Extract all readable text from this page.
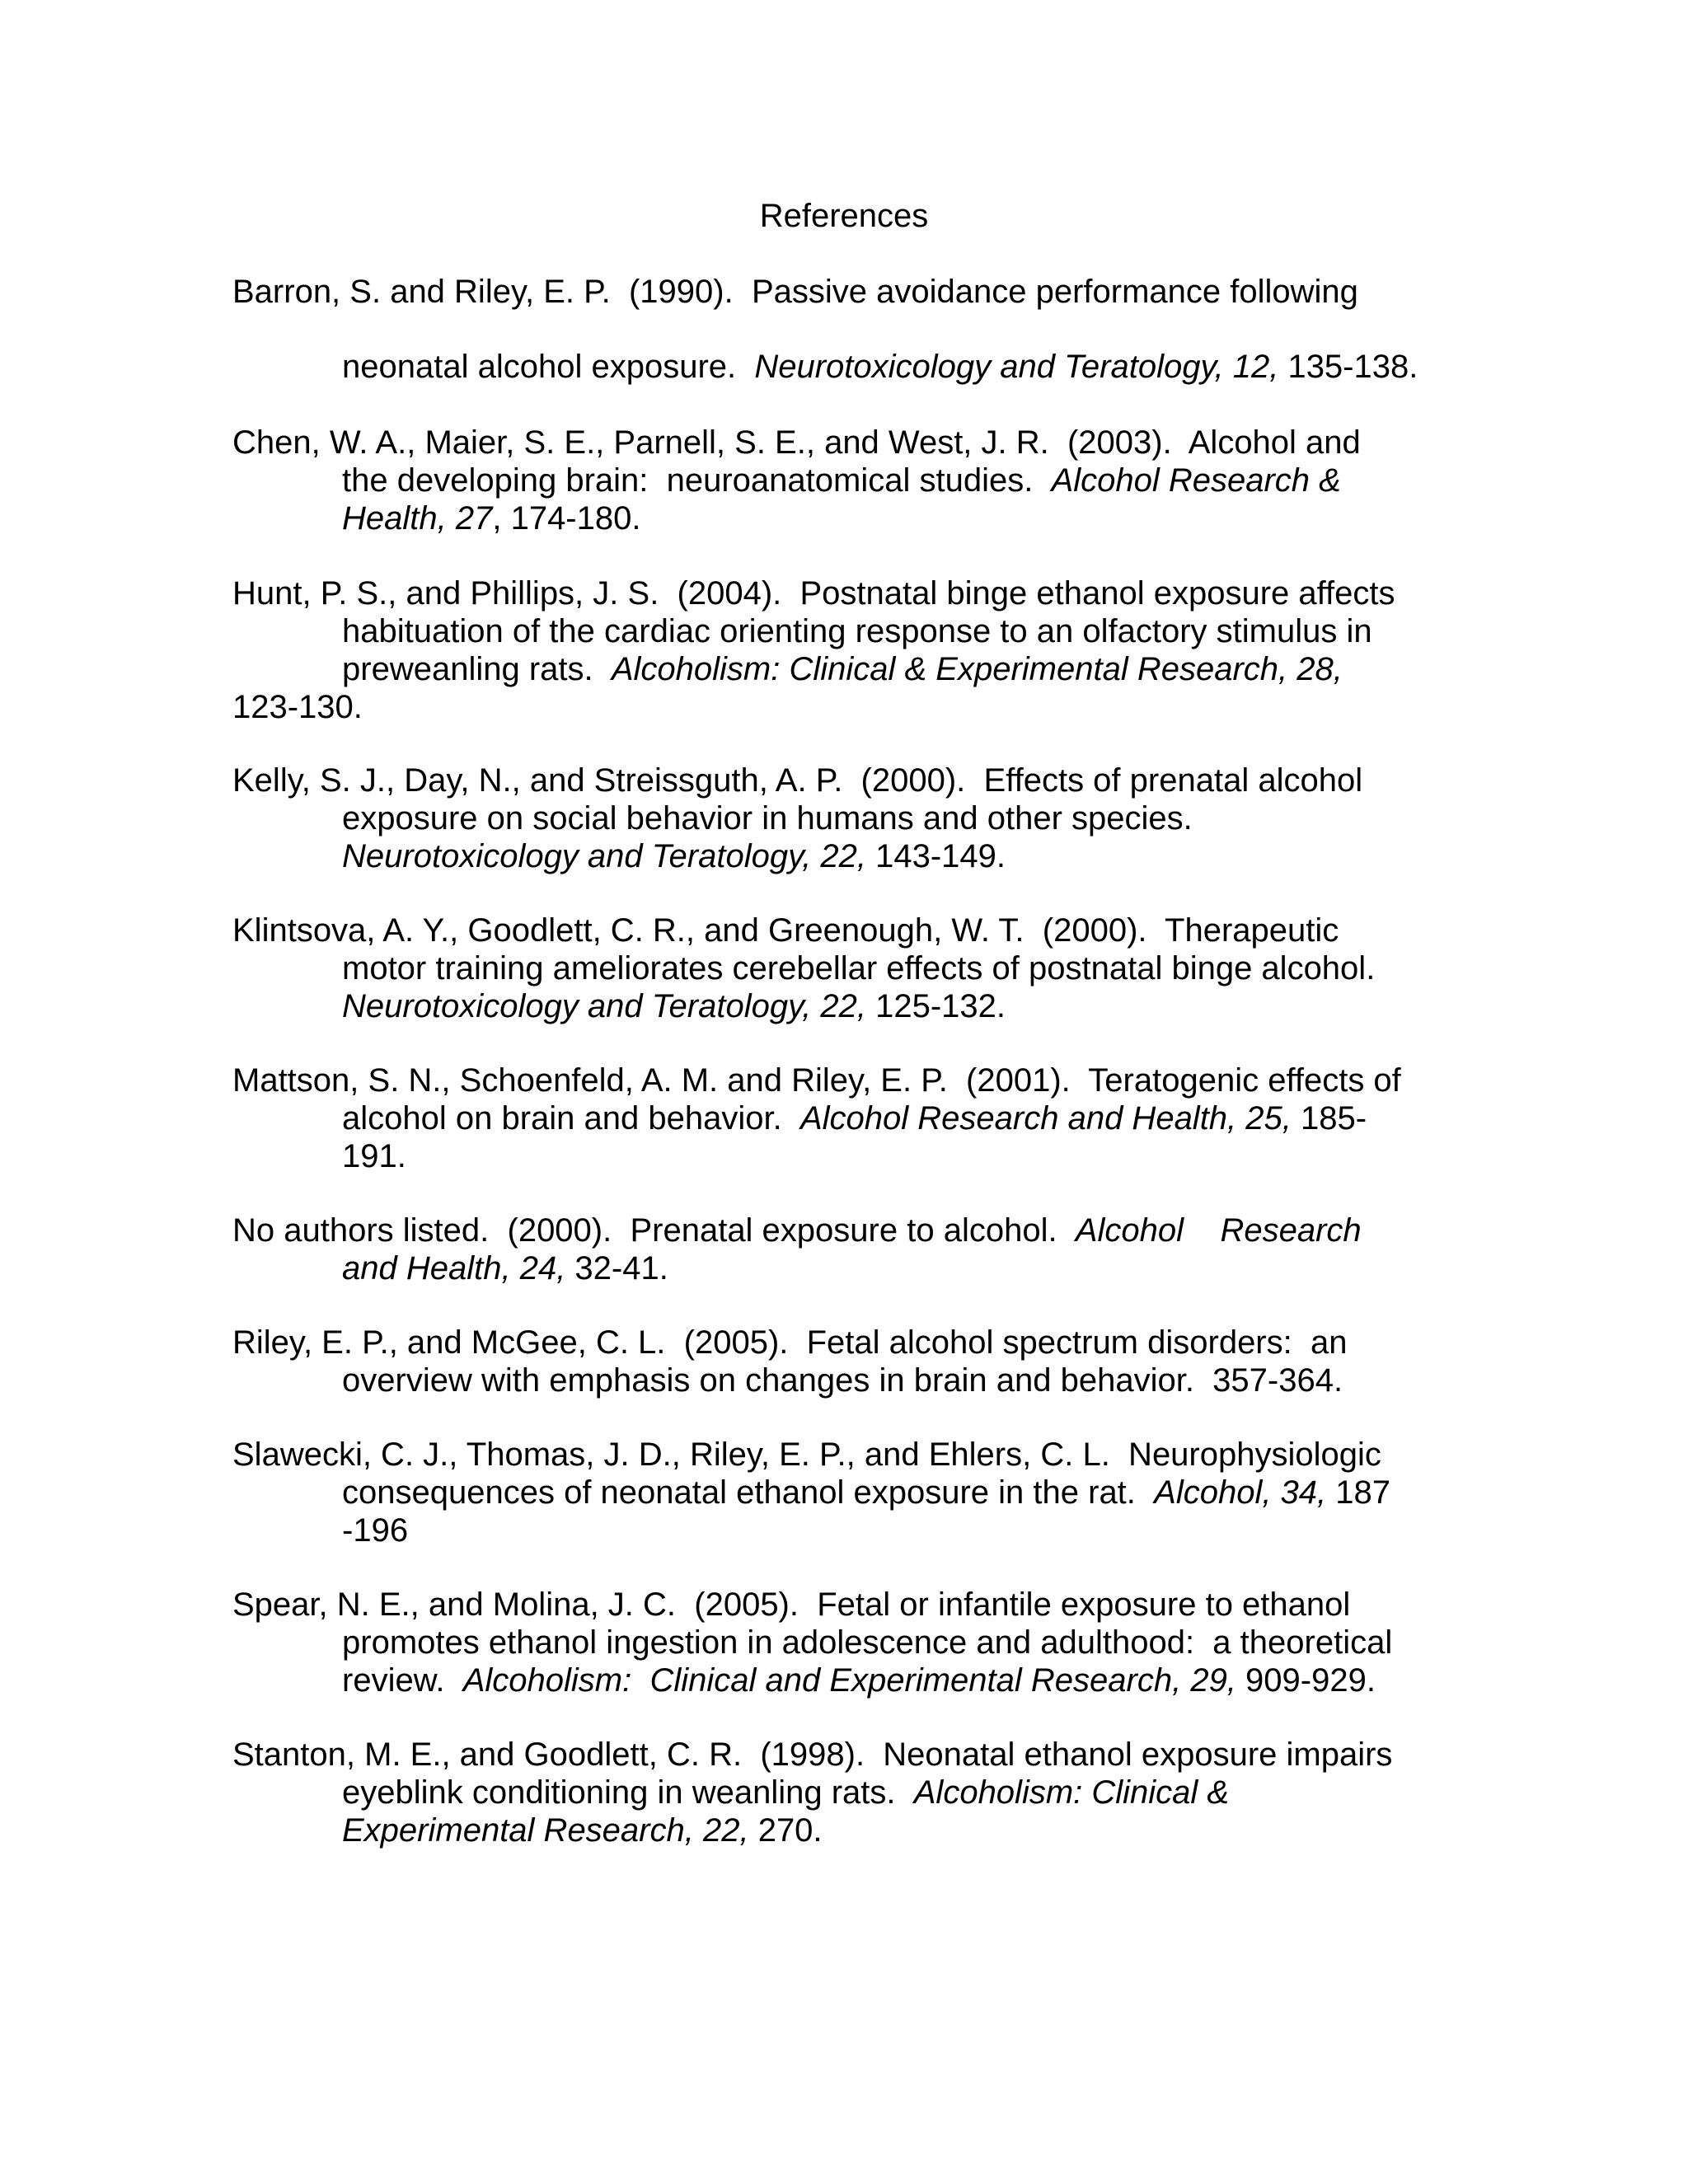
References
Barron, S. and Riley, E. P.  (1990).  Passive avoidance performance following
neonatal alcohol exposure.  Neurotoxicology and Teratology, 12, 135-138.
Chen, W. A., Maier, S. E., Parnell, S. E., and West, J. R.  (2003).  Alcohol and
the developing brain:  neuroanatomical studies.  Alcohol Research &
Health, 27, 174-180.
Hunt, P. S., and Phillips, J. S.  (2004).  Postnatal binge ethanol exposure affects
habituation of the cardiac orienting response to an olfactory stimulus in
preweanling rats.  Alcoholism: Clinical & Experimental Research, 28,
123-130.
Kelly, S. J., Day, N., and Streissguth, A. P.  (2000).  Effects of prenatal alcohol
exposure on social behavior in humans and other species.
Neurotoxicology and Teratology, 22, 143-149.
Klintsova, A. Y., Goodlett, C. R., and Greenough, W. T.  (2000).  Therapeutic
motor training ameliorates cerebellar effects of postnatal binge alcohol.
Neurotoxicology and Teratology, 22, 125-132.
Mattson, S. N., Schoenfeld, A. M. and Riley, E. P.  (2001).  Teratogenic effects of
alcohol on brain and behavior.  Alcohol Research and Health, 25, 185-
191.
No authors listed.  (2000).  Prenatal exposure to alcohol.  Alcohol    Research
and Health, 24, 32-41.
Riley, E. P., and McGee, C. L.  (2005).  Fetal alcohol spectrum disorders:  an
overview with emphasis on changes in brain and behavior.  357-364.
Slawecki, C. J., Thomas, J. D., Riley, E. P., and Ehlers, C. L.  Neurophysiologic
consequences of neonatal ethanol exposure in the rat.  Alcohol, 34, 187
-196
Spear, N. E., and Molina, J. C.  (2005).  Fetal or infantile exposure to ethanol
promotes ethanol ingestion in adolescence and adulthood:  a theoretical
review.  Alcoholism:  Clinical and Experimental Research, 29, 909-929.
Stanton, M. E., and Goodlett, C. R.  (1998).  Neonatal ethanol exposure impairs
eyeblink conditioning in weanling rats.  Alcoholism: Clinical &
Experimental Research, 22, 270.
